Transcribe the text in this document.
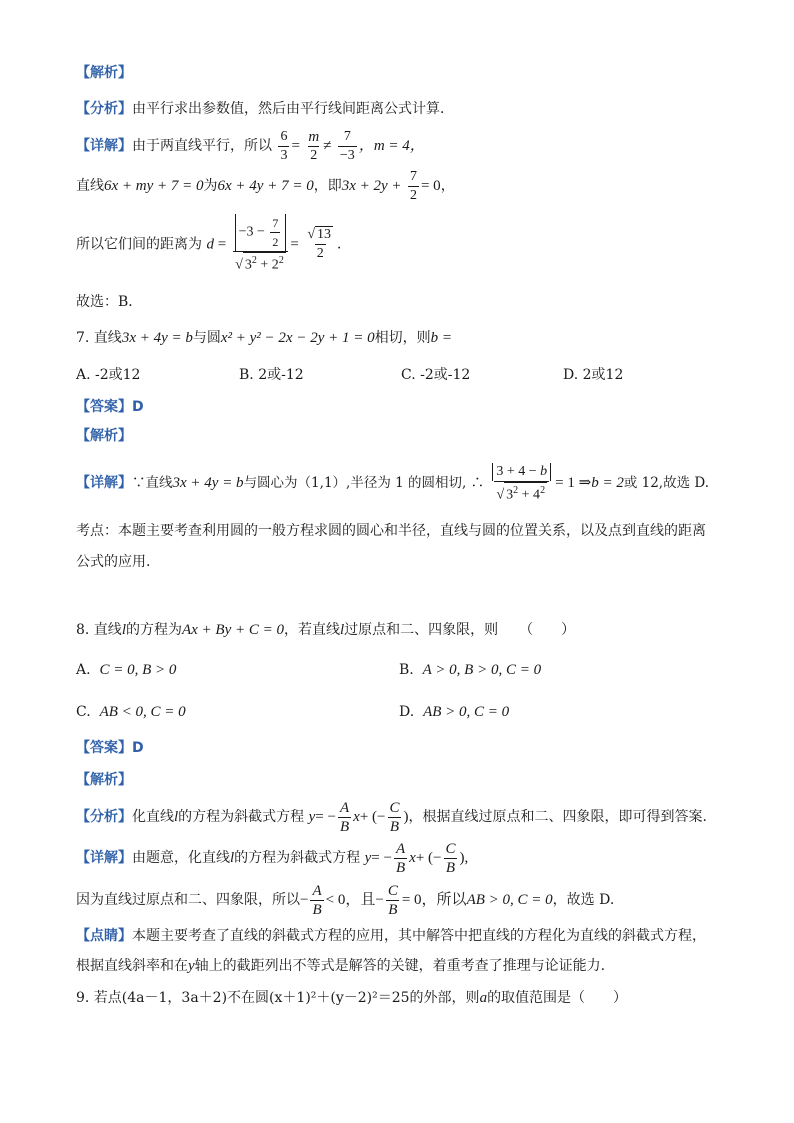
【解析】
【分析】由平行求出参数值，然后由平行线间距离公式计算．
【详解】由于两直线平行，所以 $\frac{6}{3} = \frac{m}{2} \ne \frac{7}{-3}$ ，m = 4，
直线6x + my + 7 = 0为6x + 4y + 7 = 0，即$3x + 2y + \frac{7}{2} = 0$，
所以它们间的距离为 $d = \frac{-3 - \frac{7}{2}}{√ 3^2 + 2^2} = \frac{√ 13}{2}$ ．
故选：B．
7. 直线3x + 4y = b与圆x² + y² − 2x − 2y + 1 = 0相切，则b =
A. -2或12	B. 2或-12	C. -2或-12	D. 2或12
【答案】D
【解析】
【详解】∵直线3x + 4y = b与圆心为（1,1）,半径为 1 的圆相切, ∴ $\frac{3 + 4 - b}{√ 3^2 + 4^2} = 1$ ⇒b = 2或 12,故选 D.
考点：本题主要考查利用圆的一般方程求圆的圆心和半径，直线与圆的位置关系，以及点到直线的距离
公式的应用.
8. 直线l的方程为Ax + By + C = 0，若直线l过原点和二、四象限，则　　（　　）
A. C = 0, B > 0	B. A > 0, B > 0, C = 0
C. AB < 0, C = 0	D. AB > 0, C = 0
【答案】D
【解析】
【分析】化直线l的方程为斜截式方程 $y= - \frac{A}{B} x+$ (− $\frac{C}{B}$ )，根据直线过原点和二、四象限，即可得到答案.
【详解】由题意，化直线l的方程为斜截式方程 $y= - \frac{A}{B} x+$ (− $\frac{C}{B}$ ),
因为直线过原点和二、四象限，所以− $\frac{A}{B} < 0$，且− $\frac{C}{B} = 0$，所以AB > 0, C = 0，故选 D.
【点睛】本题主要考查了直线的斜截式方程的应用，其中解答中把直线的方程化为直线的斜截式方程，
根据直线斜率和在y轴上的截距列出不等式是解答的关键，着重考查了推理与论证能力.
9. 若点(4a－1，3a＋2)不在圆(x＋1)²＋(y－2)²＝25的外部，则a的取值范围是（　　）
